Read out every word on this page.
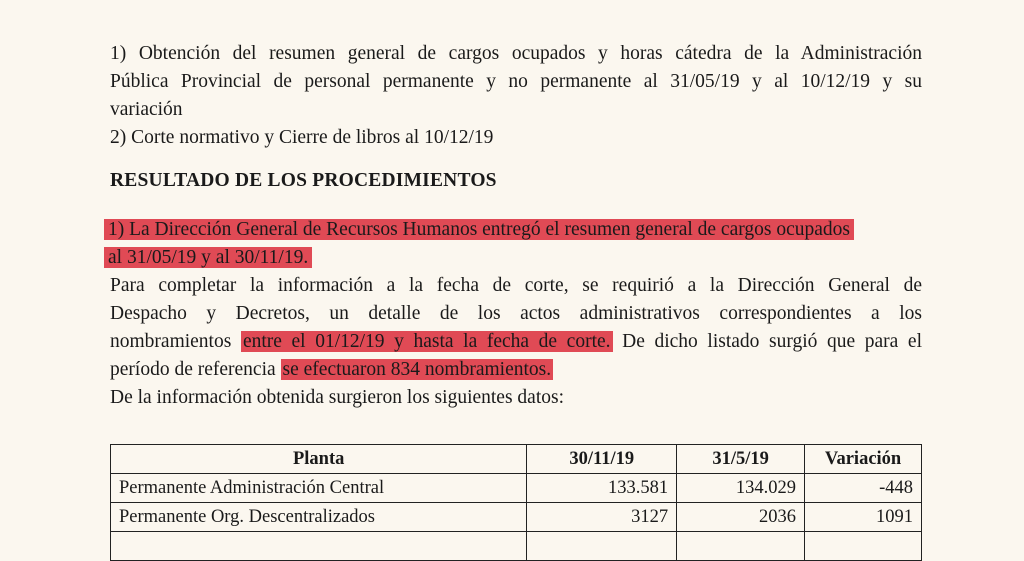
1) Obtención del resumen general de cargos ocupados y horas cátedra de la Administración
Pública Provincial de personal permanente y no permanente al 31/05/19 y al 10/12/19 y su
variación

2) Corte normativo y Cierre de libros al 10/12/19

RESULTADO DE LOS PROCEDIMIENTOS

1) La Dirección General de Recursos Humanos entregó el resumen general de cargos ocupados
al 31/05/19 y al 30/11/19.
Para completar la información a la fecha de corte, se requirió a la Dirección General de
Despacho y Decretos, un detalle de los actos administrativos correspondientes a los
nombramientos entre el 01/12/19 y hasta la fecha de corte. De dicho listado surgió que para el
período de referencia se efectuaron 834 nombramientos.
De la información obtenida surgieron los siguientes datos:

Planta	30/11/19	31/5/19	Variación
Permanente Administración Central	133.581	134.029	-448
Permanente Org. Descentralizados	3127	2036	1091
